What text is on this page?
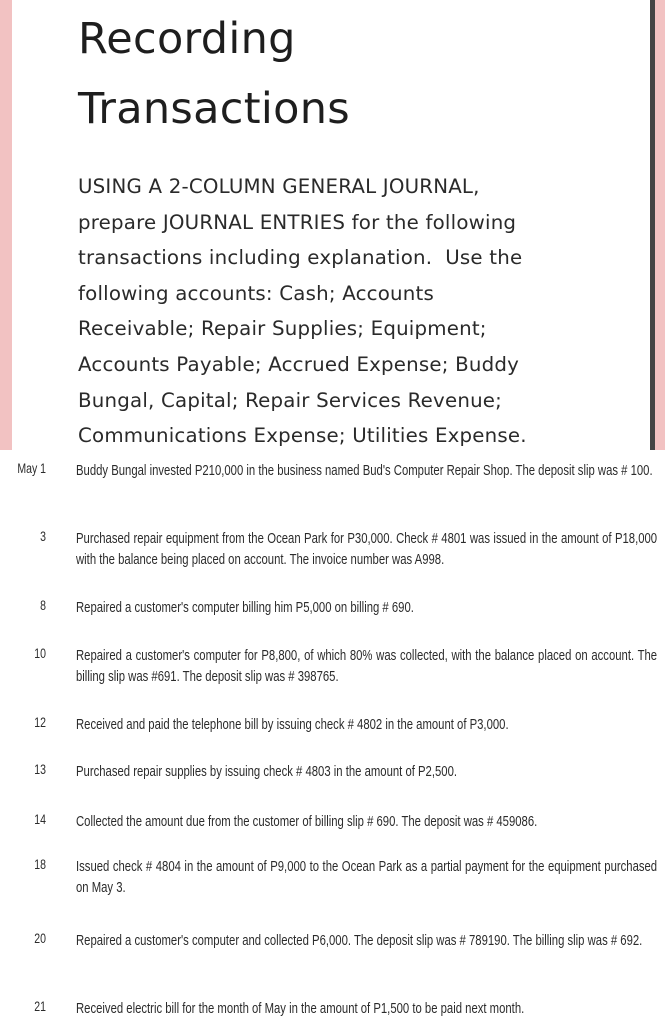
Recording
Transactions
USING A 2-COLUMN GENERAL JOURNAL,
prepare JOURNAL ENTRIES for the following
transactions including explanation.  Use the
following accounts: Cash; Accounts
Receivable; Repair Supplies; Equipment;
Accounts Payable; Accrued Expense; Buddy
Bungal, Capital; Repair Services Revenue;
Communications Expense; Utilities Expense.
May 1 Buddy Bungal invested P210,000 in the business named Bud's Computer Repair Shop. The deposit slip was # 100.
3 Purchased repair equipment from the Ocean Park for P30,000. Check # 4801 was issued in the amount of P18,000 with the balance being placed on account. The invoice number was A998.
8 Repaired a customer's computer billing him P5,000 on billing # 690.
10 Repaired a customer's computer for P8,800, of which 80% was collected, with the balance placed on account. The billing slip was #691. The deposit slip was # 398765.
12 Received and paid the telephone bill by issuing check # 4802 in the amount of P3,000.
13 Purchased repair supplies by issuing check # 4803 in the amount of P2,500.
14 Collected the amount due from the customer of billing slip # 690. The deposit was # 459086.
18 Issued check # 4804 in the amount of P9,000 to the Ocean Park as a partial payment for the equipment purchased on May 3.
20 Repaired a customer's computer and collected P6,000. The deposit slip was # 789190. The billing slip was # 692.
21 Received electric bill for the month of May in the amount of P1,500 to be paid next month.
